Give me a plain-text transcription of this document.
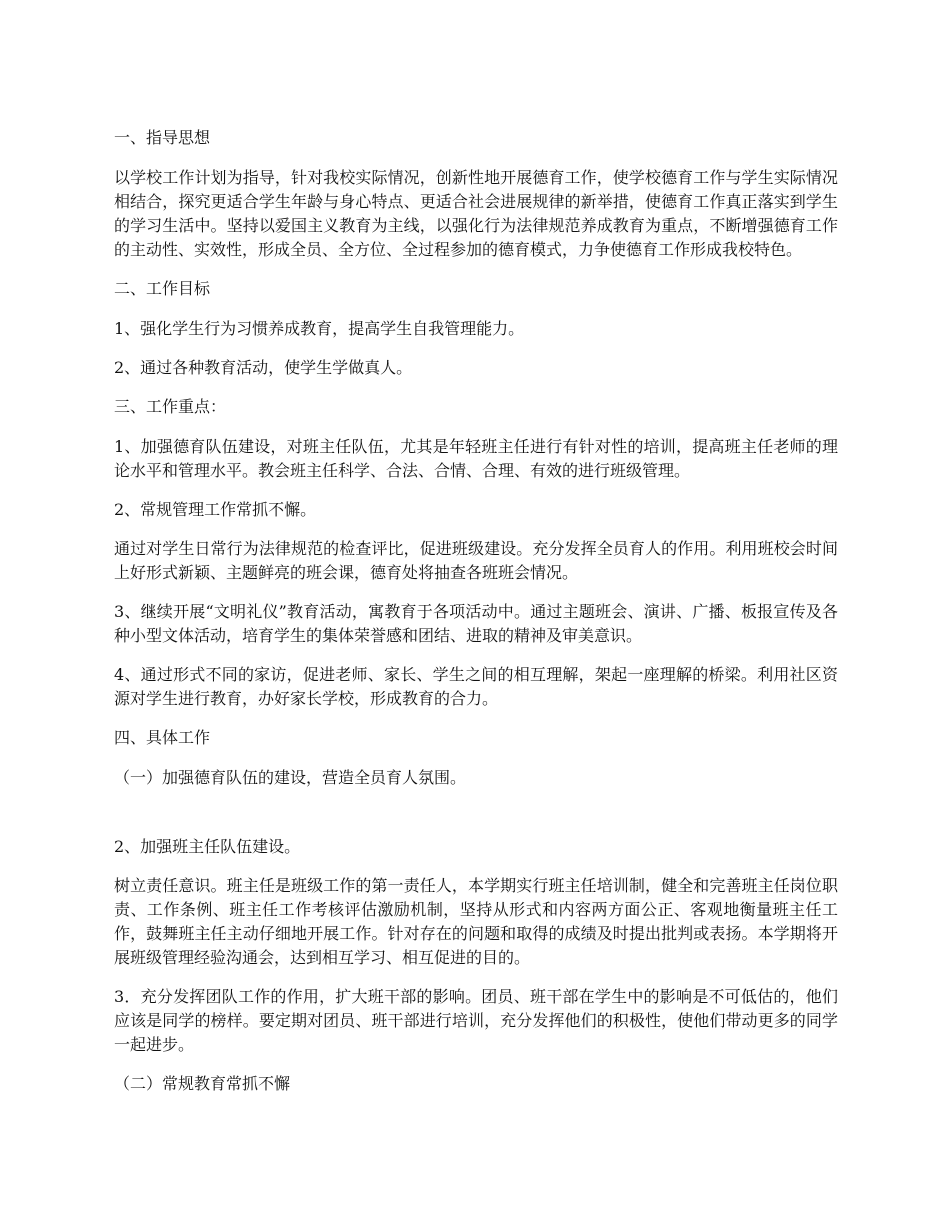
一、指导思想

以学校工作计划为指导，针对我校实际情况，创新性地开展德育工作，使学校德育工作与学生实际情况相结合，探究更适合学生年龄与身心特点、更适合社会进展规律的新举措，使德育工作真正落实到学生的学习生活中。坚持以爱国主义教育为主线，以强化行为法律规范养成教育为重点，不断增强德育工作的主动性、实效性，形成全员、全方位、全过程参加的德育模式，力争使德育工作形成我校特色。

二、工作目标

1、强化学生行为习惯养成教育，提高学生自我管理能力。

2、通过各种教育活动，使学生学做真人。

三、工作重点：

1、加强德育队伍建设，对班主任队伍，尤其是年轻班主任进行有针对性的培训，提高班主任老师的理论水平和管理水平。教会班主任科学、合法、合情、合理、有效的进行班级管理。

2、常规管理工作常抓不懈。

通过对学生日常行为法律规范的检查评比，促进班级建设。充分发挥全员育人的作用。利用班校会时间上好形式新颖、主题鲜亮的班会课，德育处将抽查各班班会情况。

3、继续开展“文明礼仪”教育活动，寓教育于各项活动中。通过主题班会、演讲、广播、板报宣传及各种小型文体活动，培育学生的集体荣誉感和团结、进取的精神及审美意识。

4、通过形式不同的家访，促进老师、家长、学生之间的相互理解，架起一座理解的桥梁。利用社区资源对学生进行教育，办好家长学校，形成教育的合力。

四、具体工作

（一）加强德育队伍的建设，营造全员育人氛围。

2、加强班主任队伍建设。

树立责任意识。班主任是班级工作的第一责任人，本学期实行班主任培训制，健全和完善班主任岗位职责、工作条例、班主任工作考核评估激励机制，坚持从形式和内容两方面公正、客观地衡量班主任工作，鼓舞班主任主动仔细地开展工作。针对存在的问题和取得的成绩及时提出批判或表扬。本学期将开展班级管理经验沟通会，达到相互学习、相互促进的目的。

3．充分发挥团队工作的作用，扩大班干部的影响。团员、班干部在学生中的影响是不可低估的，他们应该是同学的榜样。要定期对团员、班干部进行培训，充分发挥他们的积极性，使他们带动更多的同学一起进步。

（二）常规教育常抓不懈
